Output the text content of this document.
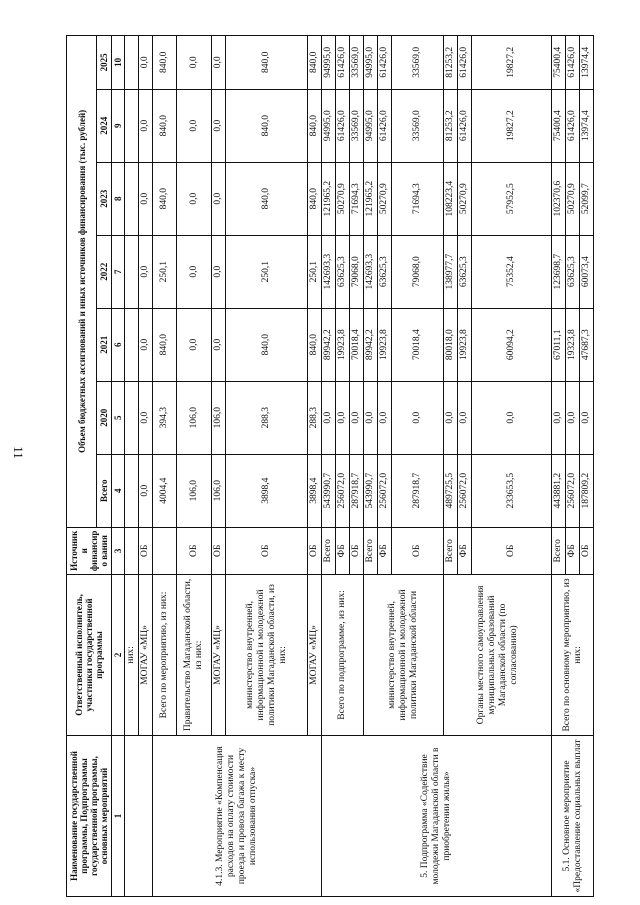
11
Наименование государственной программы, Подпрограммы государственной программы, основных мероприятий	Ответственный исполнитель, участники государственной программы	Источники финансиро вания	Объем бюджетных ассигнований и иных источников финансирования (тыс. рублей)						
			Всего	2020	2021	2022	2023	2024	2025
1	2	3	4	5	6	7	8	9	10
	них:								
	МОГАУ «МЦ»	ОБ	0,0	0,0	0,0	0,0	0,0	0,0	0,0
4.1.3. Мероприятие «Компенсация расходов на оплату стоимости проезда и провоза багажа к месту использования отпуска»	Всего по мероприятию, из них:		4004,4	394,3	840,0	250,1	840,0	840,0	840,0
	Правительство Магаданской области, из них:	ОБ	106,0	106,0	0,0	0,0	0,0	0,0	0,0
	МОГАУ «МЦ»	ОБ	106,0	106,0	0,0	0,0	0,0	0,0	0,0
	министерство внутренней, информационной и молодежной политики Магаданской области, из них:	ОБ	3898,4	288,3	840,0	250,1	840,0	840,0	840,0
	МОГАУ «МЦ»	ОБ	3898,4	288,3	840,0	250,1	840,0	840,0	840,0
5. Подпрограмма «Содействие молодежи Магаданской области в приобретении жилья»	Всего по подпрограмме, из них:	Всего	543990,7	0,0	89942,2	142693,3	121965,2	94995,0	94995,0
		ФБ	256072,0	0,0	19923,8	63625,3	50270,9	61426,0	61426,0
		ОБ	287918,7	0,0	70018,4	79068,0	71694,3	33569,0	33569,0
	министерство внутренней, информационной и молодежной политики Магаданской области	Всего	543990,7	0,0	89942,2	142693,3	121965,2	94995,0	94995,0
		ФБ	256072,0	0,0	19923,8	63625,3	50270,9	61426,0	61426,0
		ОБ	287918,7	0,0	70018,4	79068,0	71694,3	33569,0	33569,0
	Органы местного самоуправления муниципальных образований Магаданской области (по согласованию)	Всего	489725,5	0,0	80018,0	138977,7	108223,4	81253,2	81253,2
		ФБ	256072,0	0,0	19923,8	63625,3	50270,9	61426,0	61426,0
		ОБ	233653,5	0,0	60094,2	75352,4	57952,5	19827,2	19827,2
5.1. Основное мероприятие «Предоставление социальных выплат	Всего по основному мероприятию, из них:	Всего	443881,2	0,0	67011,1	123698,7	102370,6	75400,4	75400,4
		ФБ	256072,0	0,0	19323,8	63625,3	50270,9	61426,0	61426,0
		ОБ	187809,2	0,0	47687,3	60073,4	52099,7	13974,4	13974,4
